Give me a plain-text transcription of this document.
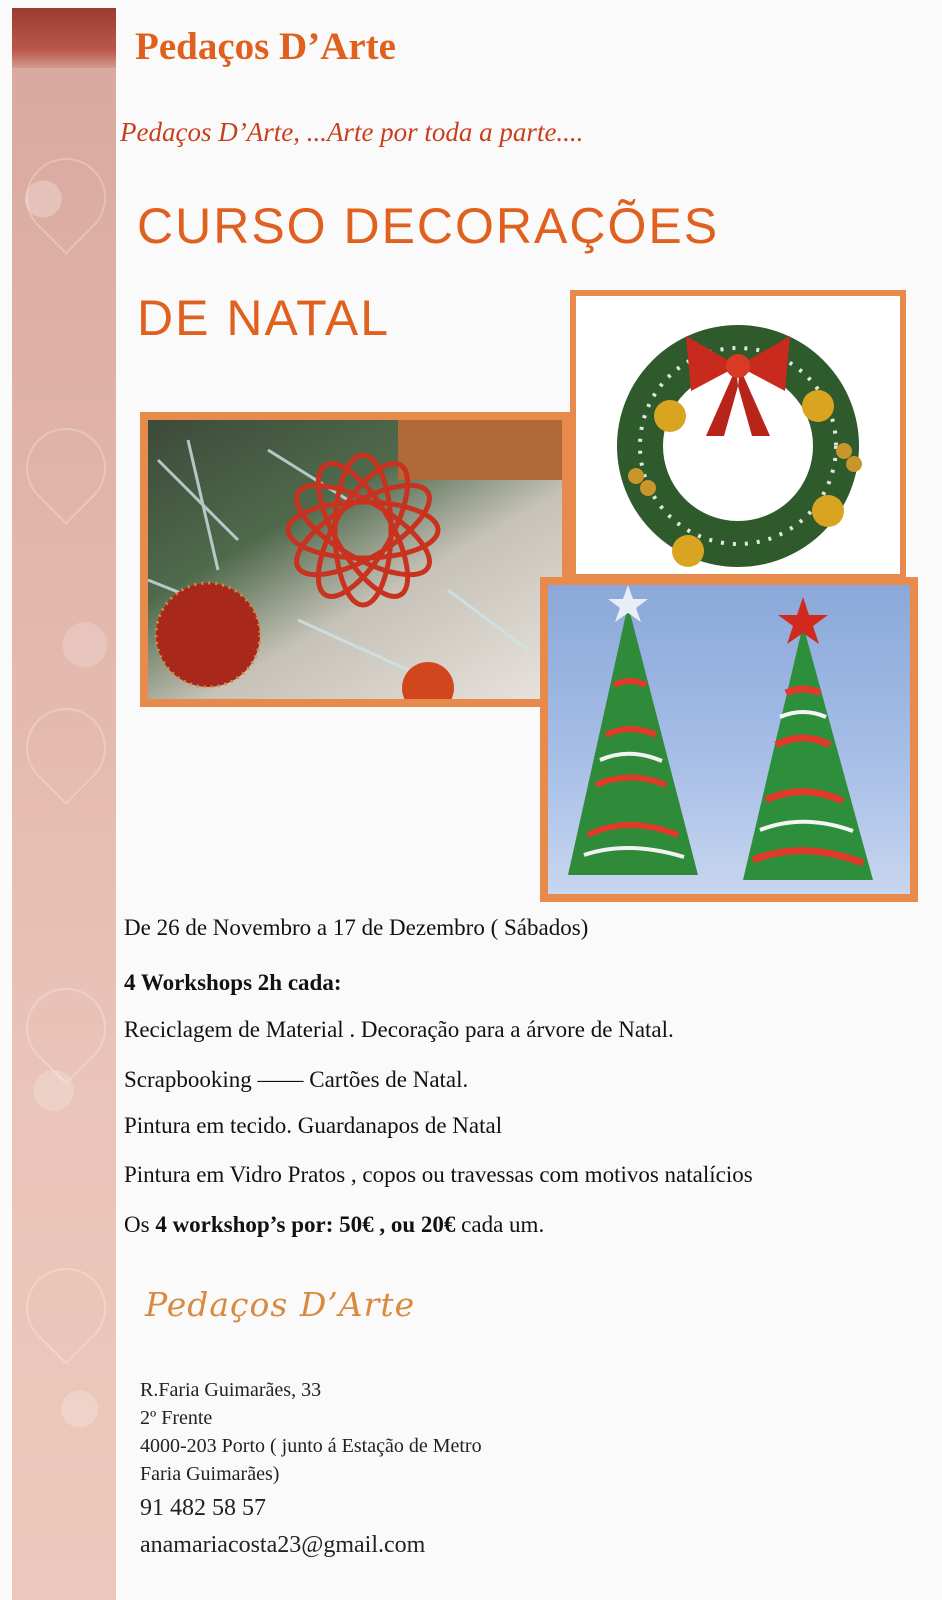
Pedaços D’Arte

Pedaços D’Arte, ...Arte por toda a parte....

CURSO DECORAÇÕES
DE NATAL

De 26 de Novembro a 17 de Dezembro ( Sábados)

4 Workshops 2h cada:

Reciclagem de Material . Decoração para a árvore de Natal.

Scrapbooking —— Cartões de Natal.

Pintura em tecido. Guardanapos de Natal

Pintura em Vidro Pratos , copos ou travessas com motivos natalícios

Os 4 workshop’s por: 50€ , ou 20€ cada um.

Pedaços D’Arte

R.Faria Guimarães, 33
2º Frente
4000-203 Porto ( junto á Estação de Metro
Faria Guimarães)
91 482 58 57
anamariacosta23@gmail.com
